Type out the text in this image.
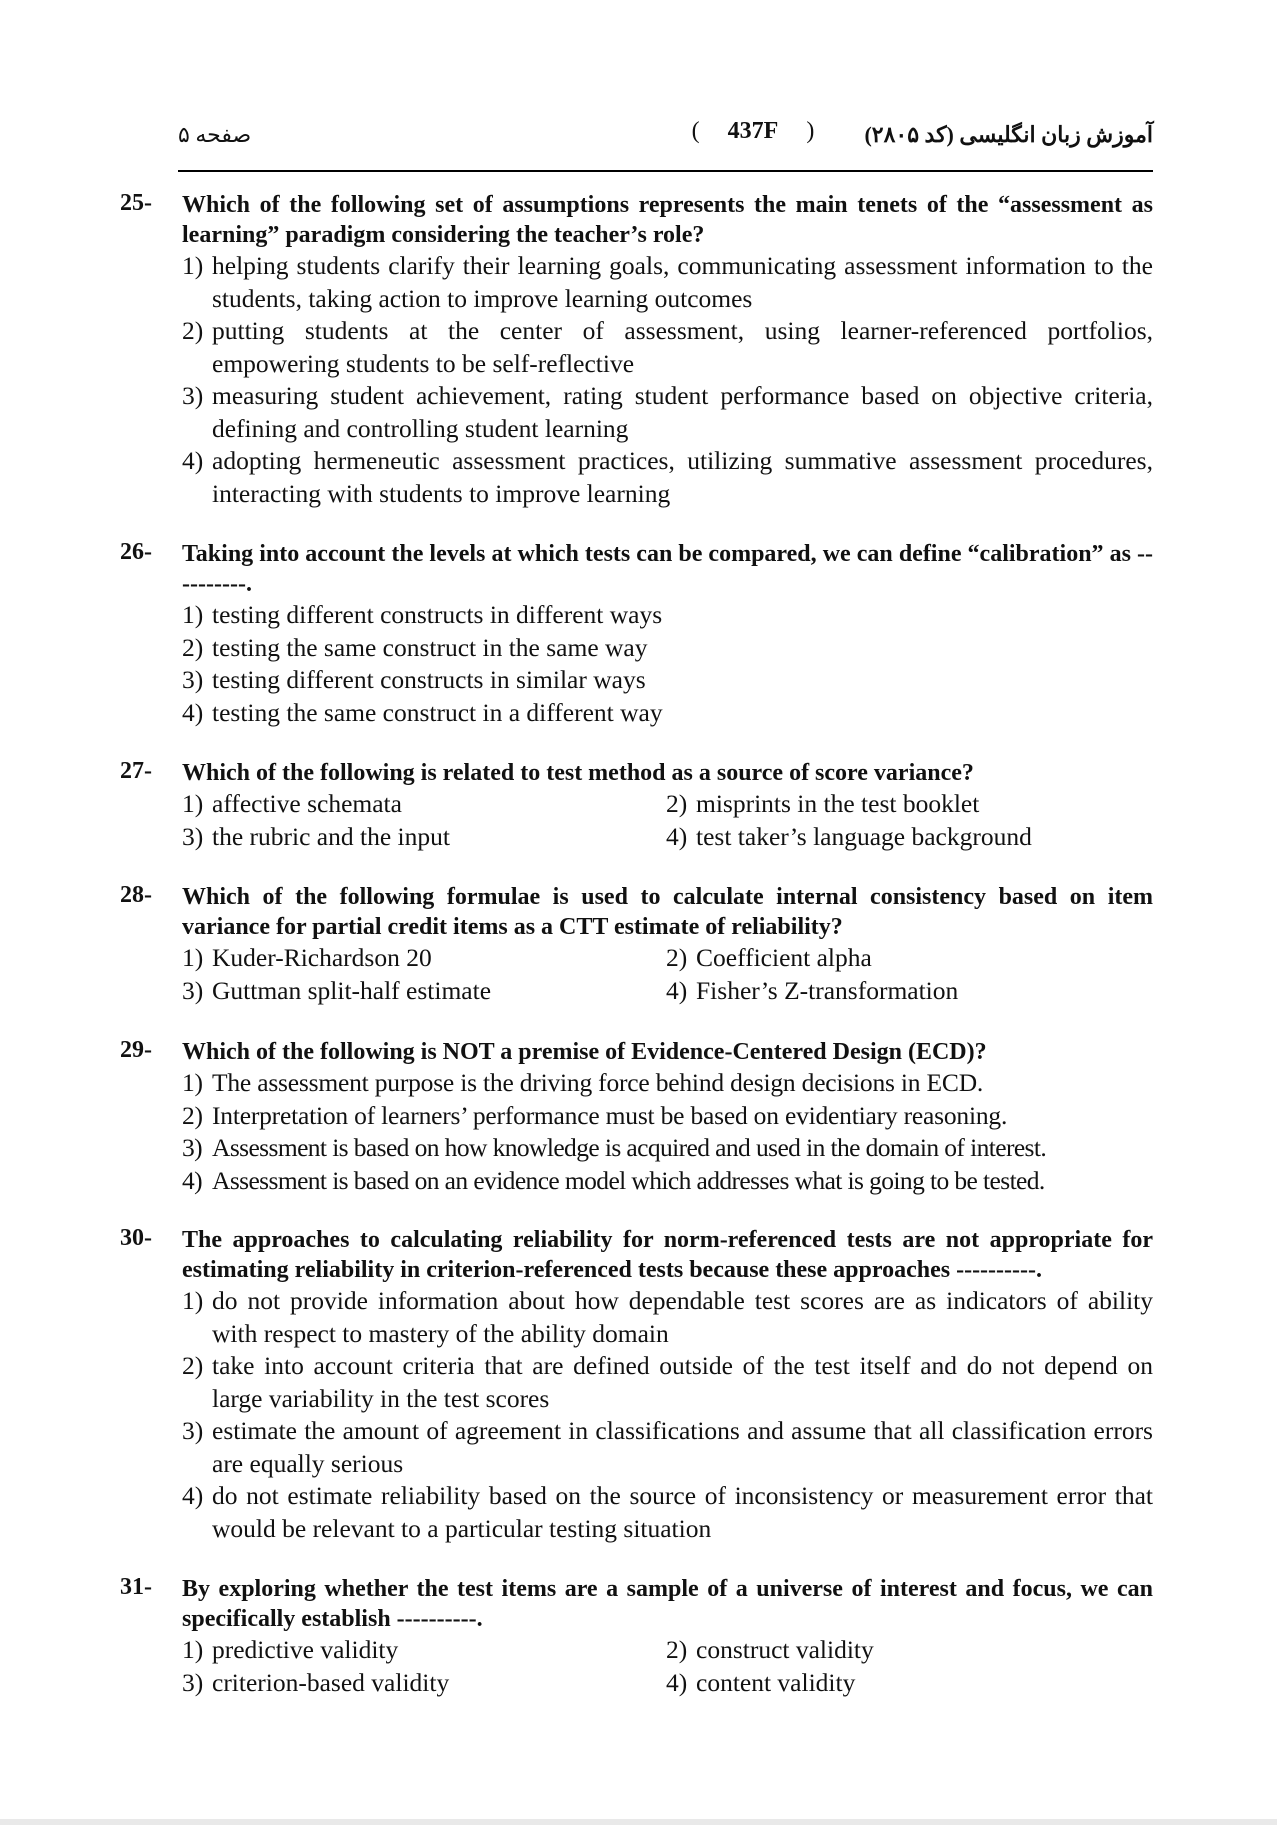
صفحه ۵	( 437F )	آموزش زبان انگلیسی (کد ۲۸۰۵)
25-	Which of the following set of assumptions represents the main tenets of the “assessment as learning” paradigm considering the teacher’s role?
1) helping students clarify their learning goals, communicating assessment information to the students, taking action to improve learning outcomes
2) putting students at the center of assessment, using learner-referenced portfolios, empowering students to be self-reflective
3) measuring student achievement, rating student performance based on objective criteria, defining and controlling student learning
4) adopting hermeneutic assessment practices, utilizing summative assessment procedures, interacting with students to improve learning
26-	Taking into account the levels at which tests can be compared, we can define “calibration” as ----------.
1) testing different constructs in different ways
2) testing the same construct in the same way
3) testing different constructs in similar ways
4) testing the same construct in a different way
27-	Which of the following is related to test method as a source of score variance?
1) affective schemata	2) misprints in the test booklet
3) the rubric and the input	4) test taker’s language background
28-	Which of the following formulae is used to calculate internal consistency based on item variance for partial credit items as a CTT estimate of reliability?
1) Kuder-Richardson 20	2) Coefficient alpha
3) Guttman split-half estimate	4) Fisher’s Z-transformation
29-	Which of the following is NOT a premise of Evidence-Centered Design (ECD)?
1) The assessment purpose is the driving force behind design decisions in ECD.
2) Interpretation of learners’ performance must be based on evidentiary reasoning.
3) Assessment is based on how knowledge is acquired and used in the domain of interest.
4) Assessment is based on an evidence model which addresses what is going to be tested.
30-	The approaches to calculating reliability for norm-referenced tests are not appropriate for estimating reliability in criterion-referenced tests because these approaches ----------.
1) do not provide information about how dependable test scores are as indicators of ability with respect to mastery of the ability domain
2) take into account criteria that are defined outside of the test itself and do not depend on large variability in the test scores
3) estimate the amount of agreement in classifications and assume that all classification errors are equally serious
4) do not estimate reliability based on the source of inconsistency or measurement error that would be relevant to a particular testing situation
31-	By exploring whether the test items are a sample of a universe of interest and focus, we can specifically establish ----------.
1) predictive validity	2) construct validity
3) criterion-based validity	4) content validity
